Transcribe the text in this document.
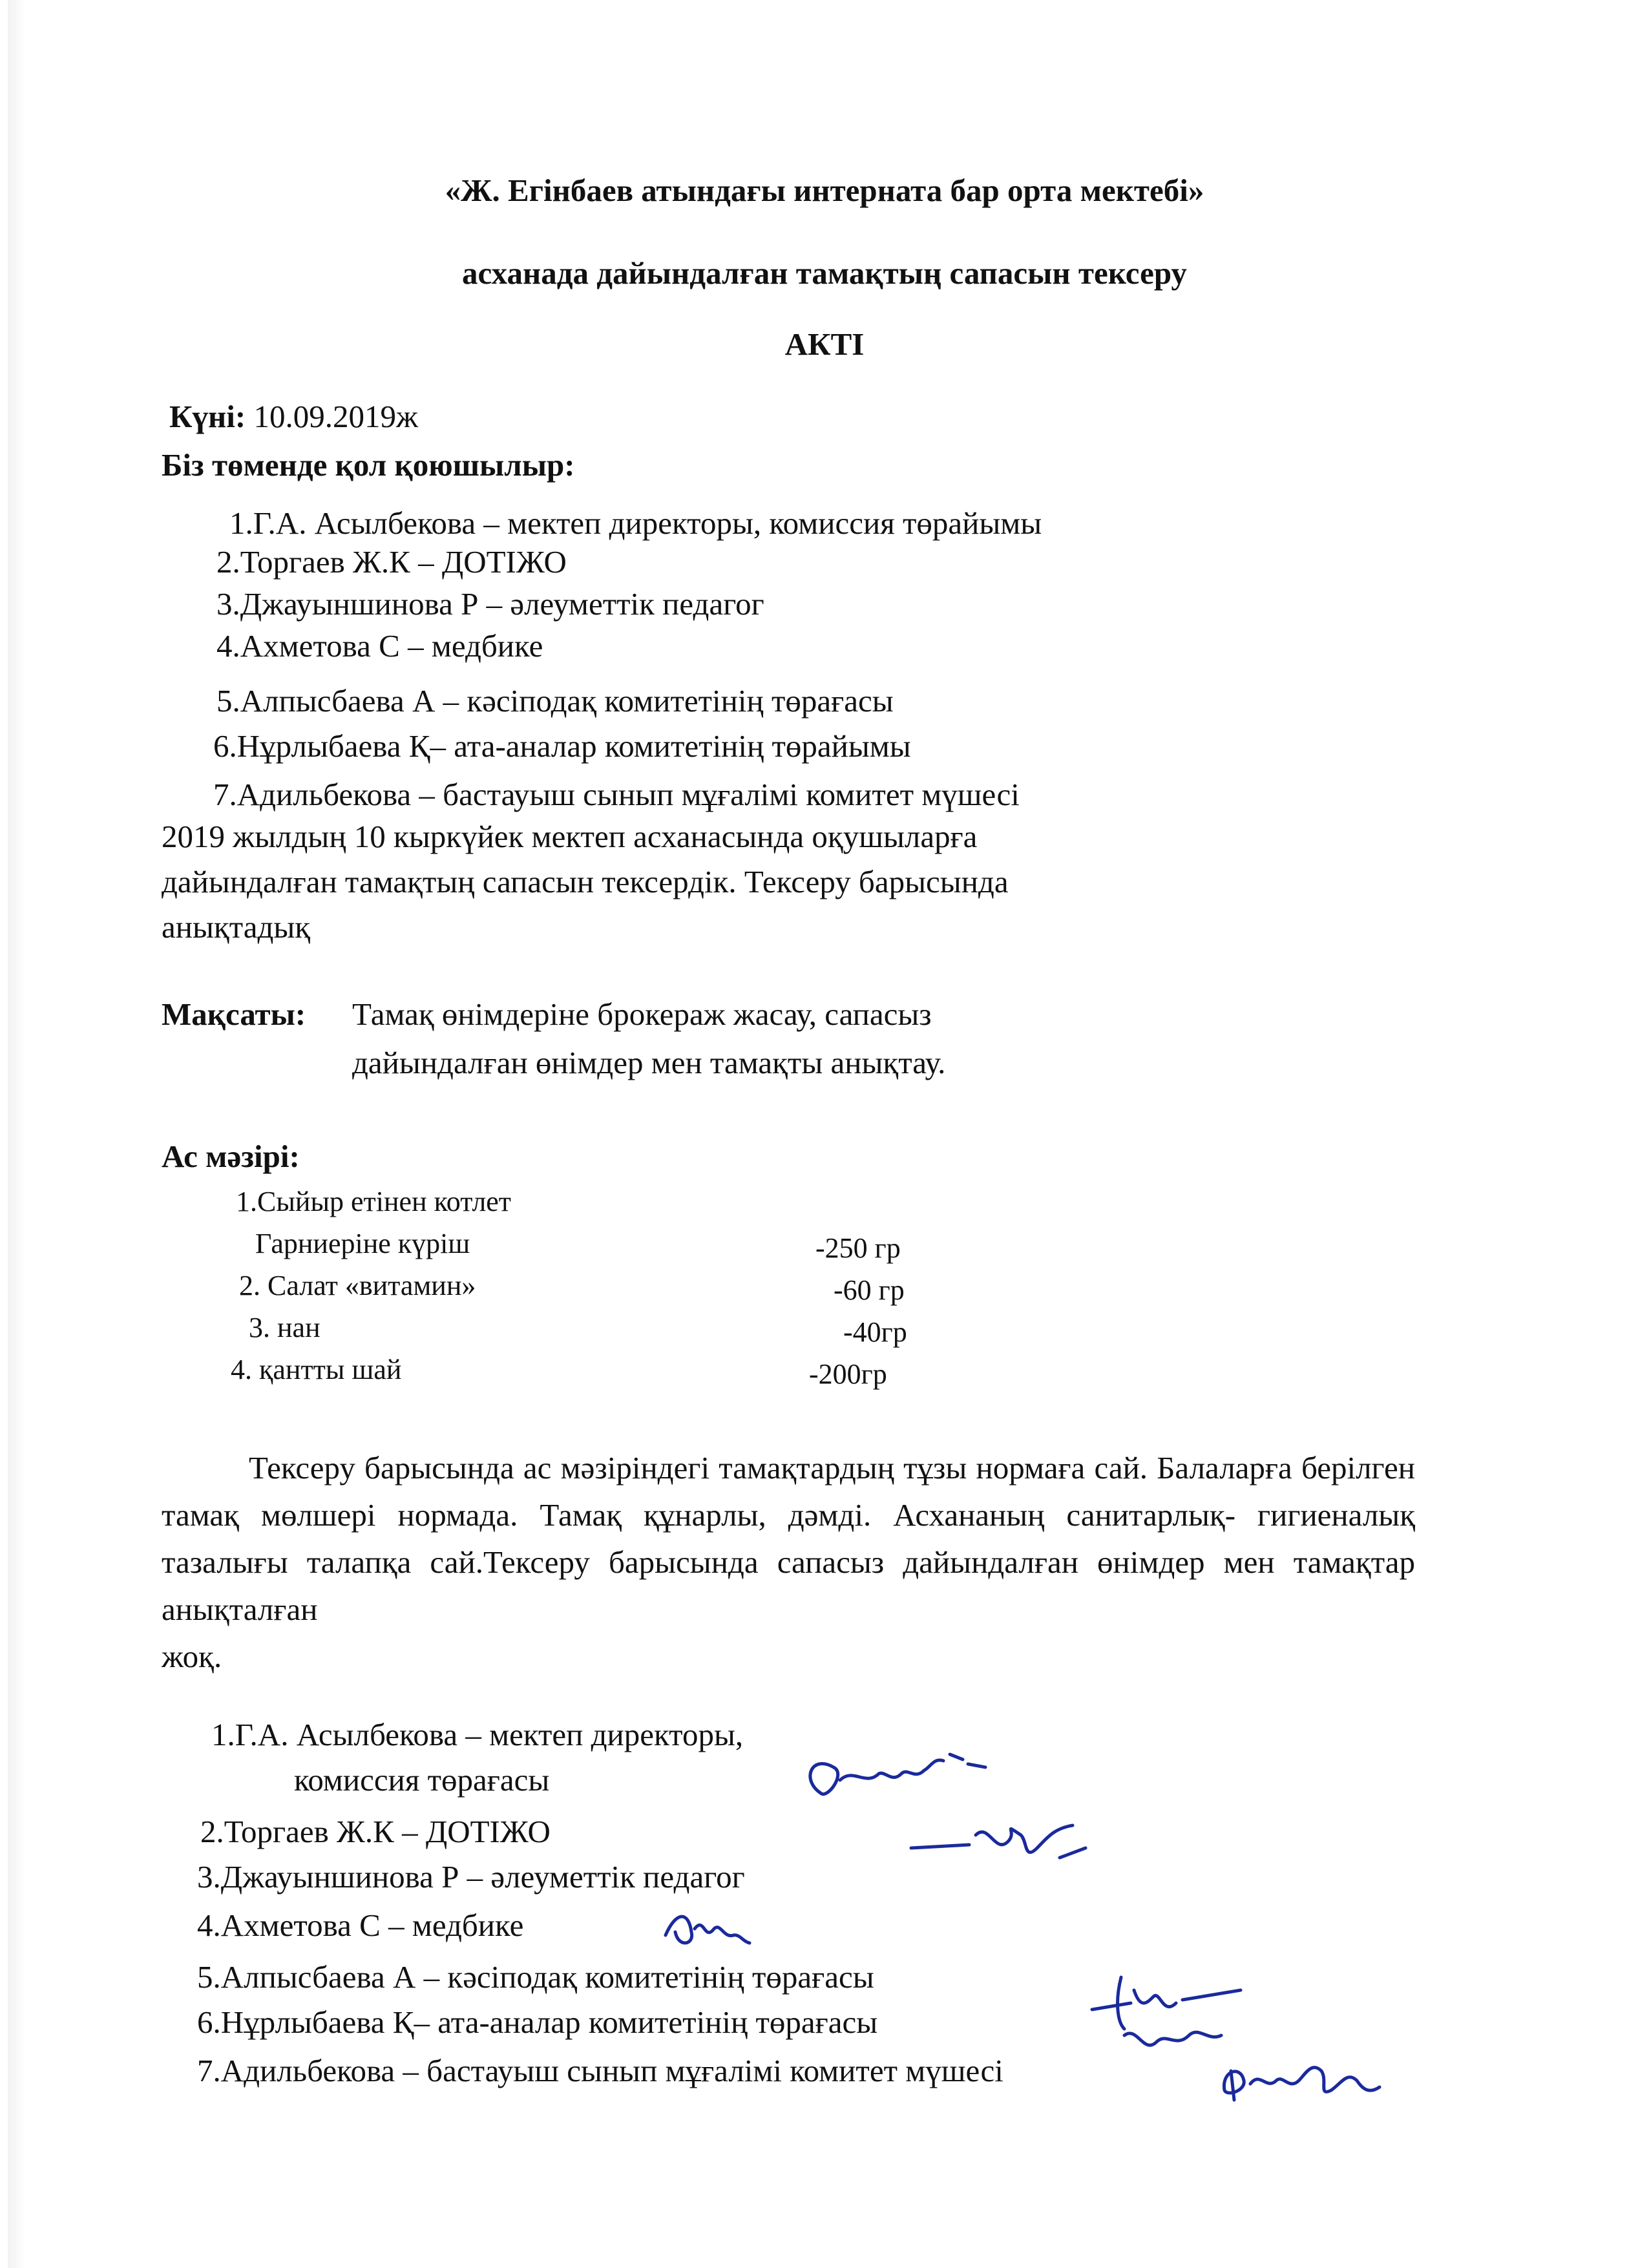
«Ж. Егінбаев атындағы интерната бар орта мектебі»
асханада дайындалған тамақтың сапасын тексеру
АКТІ
Күні: 10.09.2019ж
Біз төменде қол қоюшылыр:
1.Г.А. Асылбекова – мектеп директоры, комиссия төрайымы
2.Торгаев Ж.К – ДОТІЖО
3.Джауыншинова Р – әлеуметтік педагог
4.Ахметова С – медбике
5.Алпысбаева А – кәсіподақ комитетінің төрағасы
6.Нұрлыбаева Қ– ата-аналар комитетінің төрайымы
7.Адильбекова – бастауыш сынып мұғалімі комитет мүшесі
2019 жылдың 10 кыркүйек мектеп асханасында оқушыларға
дайындалған тамақтың сапасын тексердік. Тексеру барысында
анықтадық
Мақсаты: Тамақ өнімдеріне брокераж жасау, сапасыз
дайындалған өнімдер мен тамақты анықтау.
Ас мәзірі:
1.Сыйыр етінен котлет
Гарниеріне күріш	-250 гр
2. Салат «витамин»	-60 гр
3. нан	-40гр
4. қантты шай	-200гр
Тексеру барысында ас мәзіріндегі тамақтардың тұзы нормаға сай. Балаларға берілген тамақ мөлшері нормада. Тамақ құнарлы, дәмді. Асхананың санитарлық- гигиеналық тазалығы талапқа сай.Тексеру барысында сапасыз дайындалған өнімдер мен тамақтар анықталған
жоқ.
1.Г.А. Асылбекова – мектеп директоры,
комиссия төрағасы
2.Торгаев Ж.К – ДОТІЖО
3.Джауыншинова Р – әлеуметтік педагог
4.Ахметова С – медбике
5.Алпысбаева А – кәсіподақ комитетінің төрағасы
6.Нұрлыбаева Қ– ата-аналар комитетінің төрағасы
7.Адильбекова – бастауыш сынып мұғалімі комитет мүшесі
